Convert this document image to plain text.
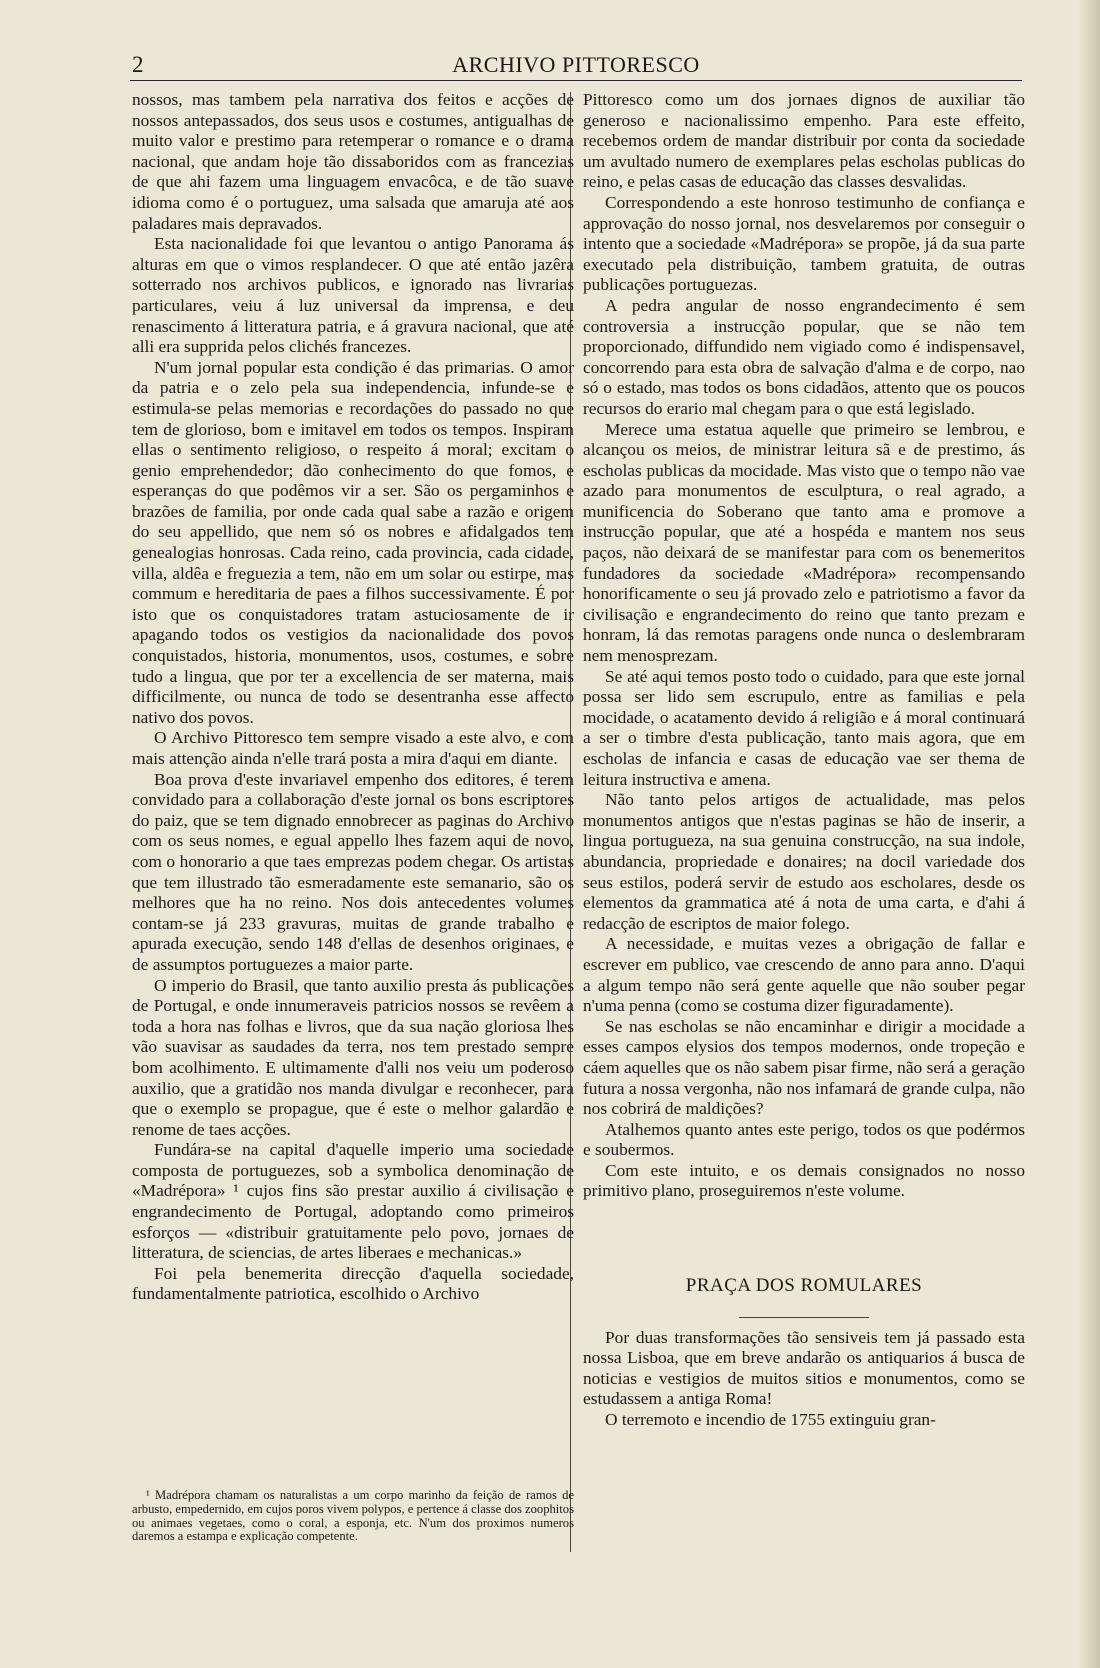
2	ARCHIVO PITTORESCO

nossos, mas tambem pela narrativa dos feitos e acções de nossos antepassados, dos seus usos e costumes, antigualhas de muito valor e prestimo para retemperar o romance e o drama nacional, que andam hoje tão dissaboridos com as francezias de que ahi fazem uma linguagem envacôca, e de tão suave idioma como é o portuguez, uma salsada que amaruja até aos paladares mais depravados.

Esta nacionalidade foi que levantou o antigo Panorama ás alturas em que o vimos resplandecer. O que até então jazêra sotterrado nos archivos publicos, e ignorado nas livrarias particulares, veiu á luz universal da imprensa, e deu renascimento á litteratura patria, e á gravura nacional, que até alli era supprida pelos clichés francezes.

N'um jornal popular esta condição é das primarias. O amor da patria e o zelo pela sua independencia, infunde-se e estimula-se pelas memorias e recordações do passado no que tem de glorioso, bom e imitavel em todos os tempos. Inspiram ellas o sentimento religioso, o respeito á moral; excitam o genio emprehendedor; dão conhecimento do que fomos, e esperanças do que podêmos vir a ser. São os pergaminhos e brazões de familia, por onde cada qual sabe a razão e origem do seu appellido, que nem só os nobres e afidalgados tem genealogias honrosas. Cada reino, cada provincia, cada cidade, villa, aldêa e freguezia a tem, não em um solar ou estirpe, mas commum e hereditaria de paes a filhos successivamente. É por isto que os conquistadores tratam astuciosamente de ir apagando todos os vestigios da nacionalidade dos povos conquistados, historia, monumentos, usos, costumes, e sobre tudo a lingua, que por ter a excellencia de ser materna, mais difficilmente, ou nunca de todo se desentranha esse affecto nativo dos povos.

O Archivo Pittoresco tem sempre visado a este alvo, e com mais attenção ainda n'elle trará posta a mira d'aqui em diante.

Boa prova d'este invariavel empenho dos editores, é terem convidado para a collaboração d'este jornal os bons escriptores do paiz, que se tem dignado ennobrecer as paginas do Archivo com os seus nomes, e egual appello lhes fazem aqui de novo, com o honorario a que taes emprezas podem chegar. Os artistas que tem illustrado tão esmeradamente este semanario, são os melhores que ha no reino. Nos dois antecedentes volumes contam-se já 233 gravuras, muitas de grande trabalho e apurada execução, sendo 148 d'ellas de desenhos originaes, e de assumptos portuguezes a maior parte.

O imperio do Brasil, que tanto auxilio presta ás publicações de Portugal, e onde innumeraveis patricios nossos se revêem a toda a hora nas folhas e livros, que da sua nação gloriosa lhes vão suavisar as saudades da terra, nos tem prestado sempre bom acolhimento. E ultimamente d'alli nos veiu um poderoso auxilio, que a gratidão nos manda divulgar e reconhecer, para que o exemplo se propague, que é este o melhor galardão e renome de taes acções.

Fundára-se na capital d'aquelle imperio uma sociedade composta de portuguezes, sob a symbolica denominação de «Madrépora» ¹ cujos fins são prestar auxilio á civilisação e engrandecimento de Portugal, adoptando como primeiros esforços — «distribuir gratuitamente pelo povo, jornaes de litteratura, de sciencias, de artes liberaes e mechanicas.»

Foi pela benemerita direcção d'aquella sociedade, fundamentalmente patriotica, escolhido o Archivo

¹ Madrépora chamam os naturalistas a um corpo marinho da feição de ramos de arbusto, empedernido, em cujos poros vivem polypos, e pertence á classe dos zoophitos ou animaes vegetaes, como o coral, a esponja, etc. N'um dos proximos numeros daremos a estampa e explicação competente.

Pittoresco como um dos jornaes dignos de auxiliar tão generoso e nacionalissimo empenho. Para este effeito, recebemos ordem de mandar distribuir por conta da sociedade um avultado numero de exemplares pelas escholas publicas do reino, e pelas casas de educação das classes desvalidas.

Correspondendo a este honroso testimunho de confiança e approvação do nosso jornal, nos desvelaremos por conseguir o intento que a sociedade «Madrépora» se propõe, já da sua parte executado pela distribuição, tambem gratuita, de outras publicações portuguezas.

A pedra angular de nosso engrandecimento é sem controversia a instrucção popular, que se não tem proporcionado, diffundido nem vigiado como é indispensavel, concorrendo para esta obra de salvação d'alma e de corpo, nao só o estado, mas todos os bons cidadãos, attento que os poucos recursos do erario mal chegam para o que está legislado.

Merece uma estatua aquelle que primeiro se lembrou, e alcançou os meios, de ministrar leitura sã e de prestimo, ás escholas publicas da mocidade. Mas visto que o tempo não vae azado para monumentos de esculptura, o real agrado, a munificencia do Soberano que tanto ama e promove a instrucção popular, que até a hospéda e mantem nos seus paços, não deixará de se manifestar para com os benemeritos fundadores da sociedade «Madrépora» recompensando honorificamente o seu já provado zelo e patriotismo a favor da civilisação e engrandecimento do reino que tanto prezam e honram, lá das remotas paragens onde nunca o deslembraram nem menosprezam.

Se até aqui temos posto todo o cuidado, para que este jornal possa ser lido sem escrupulo, entre as familias e pela mocidade, o acatamento devido á religião e á moral continuará a ser o timbre d'esta publicação, tanto mais agora, que em escholas de infancia e casas de educação vae ser thema de leitura instructiva e amena.

Não tanto pelos artigos de actualidade, mas pelos monumentos antigos que n'estas paginas se hão de inserir, a lingua portugueza, na sua genuina construcção, na sua indole, abundancia, propriedade e donaires; na docil variedade dos seus estilos, poderá servir de estudo aos escholares, desde os elementos da grammatica até á nota de uma carta, e d'ahi á redacção de escriptos de maior folego.

A necessidade, e muitas vezes a obrigação de fallar e escrever em publico, vae crescendo de anno para anno. D'aqui a algum tempo não será gente aquelle que não souber pegar n'uma penna (como se costuma dizer figuradamente).

Se nas escholas se não encaminhar e dirigir a mocidade a esses campos elysios dos tempos modernos, onde tropeção e cáem aquelles que os não sabem pisar firme, não será a geração futura a nossa vergonha, não nos infamará de grande culpa, não nos cobrirá de maldições?

Atalhemos quanto antes este perigo, todos os que podérmos e soubermos.

Com este intuito, e os demais consignados no nosso primitivo plano, proseguiremos n'este volume.

PRAÇA DOS ROMULARES

Por duas transformações tão sensiveis tem já passado esta nossa Lisboa, que em breve andarão os antiquarios á busca de noticias e vestigios de muitos sitios e monumentos, como se estudassem a antiga Roma!

O terremoto e incendio de 1755 extinguiu gran-
